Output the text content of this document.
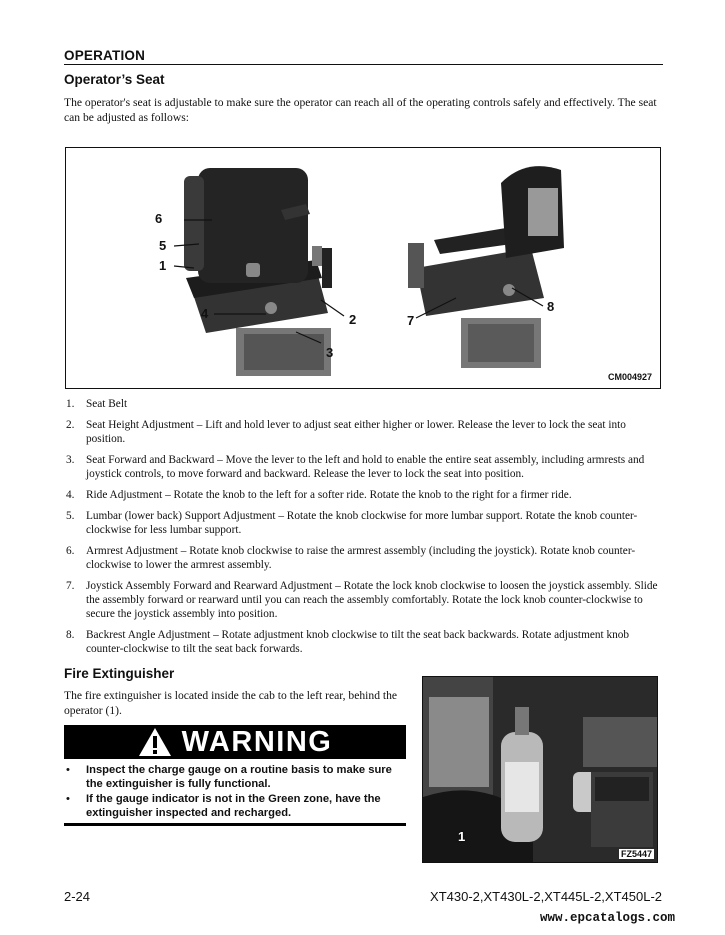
OPERATION
Operator’s Seat

The operator's seat is adjustable to make sure the operator can reach all of the operating controls safely and effectively. The seat can be adjusted as follows:

6
5
1
4	2
3
7
8
CM004927
1.	Seat Belt
2.	Seat Height Adjustment – Lift and hold lever to adjust seat either higher or lower. Release the lever to lock the seat into position.
3.	Seat Forward and Backward – Move the lever to the left and hold to enable the entire seat assembly, including armrests and joystick controls, to move forward and backward. Release the lever to lock the seat into position.
4.	Ride Adjustment – Rotate the knob to the left for a softer ride. Rotate the knob to the right for a firmer ride.
5.	Lumbar (lower back) Support Adjustment – Rotate the knob clockwise for more lumbar support. Rotate the knob counter-clockwise for less lumbar support.
6.	Armrest Adjustment – Rotate knob clockwise to raise the armrest assembly (including the joystick). Rotate knob counter-clockwise to lower the armrest assembly.
7.	Joystick Assembly Forward and Rearward Adjustment – Rotate the lock knob clockwise to loosen the joystick assembly. Slide the assembly forward or rearward until you can reach the assembly comfortably. Rotate the lock knob counter-clockwise to secure the joystick assembly into position.
8.	Backrest Angle Adjustment – Rotate adjustment knob clockwise to tilt the seat back backwards. Rotate adjustment knob counter-clockwise to tilt the seat back forwards.
Fire Extinguisher

The fire extinguisher is located inside the cab to the left rear, behind the operator (1).

WARNING
•	Inspect the charge gauge on a routine basis to make sure the extinguisher is fully functional.
•	If the gauge indicator is not in the Green zone, have the extinguisher inspected and recharged.
1
FZ5447
2-24	XT430-2,XT430L-2,XT445L-2,XT450L-2
www.epcatalogs.com
